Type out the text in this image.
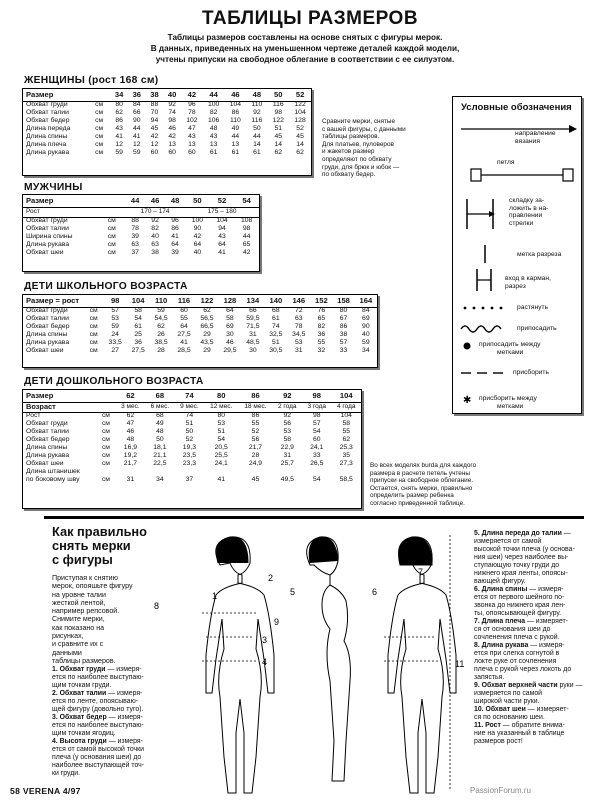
ТАБЛИЦЫ РАЗМЕРОВ
Таблицы размеров составлены на основе снятых с фигуры мерок.
В данных, приведенных на уменьшенном чертеже деталей каждой модели,
учтены припуски на свободное облегание в соответствии с ее силуэтом.
ЖЕНЩИНЫ (рост 168 см)
Размер		34	36	38	40	42	44	46	48	50	52

Обхват груди	см	80	84	88	92	96	100	104	110	116	122
Обхват талии	см	62	66	70	74	78	82	86	92	98	104
Обхват бедер	см	86	90	94	98	102	106	110	116	122	128
Длина переда	см	43	44	45	46	47	48	49	50	51	52
Длина спины	см	41	41	42	42	43	43	44	44	45	45
Длина плеча	см	12	12	12	13	13	13	13	14	14	14
Длина рукава	см	59	59	60	60	60	61	61	61	62	62
Сравните мерки, снятые
с вашей фигуры, с данными
таблицы размеров.
Для платьев, пуловеров
и жакетов размер
определяют по обхвату
груди, для брюк и юбок —
по обхвату бедер.
МУЖЧИНЫ
Размер		44	46	48	50	52	54
Рост		170 – 174			175 – 180		

Обхват груди	см	88	92	96	100	104	108
Обхват талии	см	78	82	86	90	94	98
Ширина спины	см	39	40	41	42	43	44
Длина рукава	см	63	63	64	64	64	65
Обхват шеи	см	37	38	39	40	41	42
ДЕТИ ШКОЛЬНОГО ВОЗРАСТА
Размер = рост		98	104	110	116	122	128	134	140	146	152	158	164

Обхват груди	см	57	58	59	60	62	64	66	68	72	76	80	84
Обхват талии	см	53	54	54,5	55	56,5	58	59,5	61	63	65	67	69
Обхват бедер	см	59	61	62	64	66,5	69	71,5	74	78	82	86	90
Длина спины	см	24	25	26	27,5	29	30	31	32,5	34,5	36	38	40
Длина рукава	см	33,5	36	38,5	41	43,5	46	48,5	51	53	55	57	59
Обхват шеи	см	27	27,5	28	28,5	29	29,5	30	30,5	31	32	33	34
ДЕТИ ДОШКОЛЬНОГО ВОЗРАСТА
Размер		62	68	74	80	86	92	98	104
Возраст		3 мес.	6 мес.	9 мес.	12 мес.	18 мес.	2 года	3 года	4 года

Рост	см	62	68	74	80	86	92	98	104
Обхват груди	см	47	49	51	53	55	56	57	58
Обхват талии	см	46	48	50	51	52	53	54	55
Обхват бедер	см	48	50	52	54	56	58	60	62
Длина спины	см	16,9	18,1	19,3	20,5	21,7	22,9	24,1	25,3
Длина рукава	см	19,2	21,1	23,5	25,5	28	31	33	35
Обхват шеи	см	21,7	22,5	23,3	24,1	24,9	25,7	26,5	27,3
Длина штанишек									
по боковому шву	см	31	34	37	41	45	49,5	54	58,5
Во всех моделях burda для каждого
размера в расчете петель учтены
припуски на свободное облегание.
Остается, снять мерки, правильно
определить размер ребенка
согласно приведенной таблице.
Условные обозначения
✱
направление
вязания
петля
складку за-
ложить в на-
правлении
стрелки
метка разреза
вход в карман,
разрез
растянуть
припосадить
припосадить между
метками
присборить
присборить между
метками
Как правильно
снять мерки
с фигуры
Приступая к снятию
мерок, опояшьте фигуру
на уровне талии
жесткой лентой,
например репсовой.
Снимите мерки,
как показано на рисунках,
и сравните их с данными
таблицы размеров.
1. Обхват груди — измеря-
ется по наиболее выступаю-
щим точкам груди.

2. Обхват талии — измеря-
ется по ленте, опоясываю-
щей фигуру (довольно туго).

3. Обхват бедер — измеря-
ется по наиболее выступаю-
щим точкам ягодиц.

4. Высота груди — измеря-
ется от самой высокой точки
плеча (у основания шеи) до
наиболее выступающей точ-
ки груди.

5. Длина переда до талии — измеряется от самой
высокой точки плеча (у основа-
ния шеи) через наиболее вы-
ступающую точку груди до
нижнего края ленты, опоясы-
вающей фигуру.

6. Длина спины — измеря-
ется от первого шейного по-
звонка до нижнего края лен-
ты, опоясывающей фигуру.

7. Длина плеча — измеряет-
ся от основания шеи до
сочленения плеча с рукой.

8. Длина рукава — измеря-
ется при слегка согнутой в
локте руке от сочленения
плеча с рукой через локоть до
запястья.

9. Обхват верхней части руки — измеряется по самой
широкой части руки.

10. Обхват шеи — измеряет-
ся по основанию шеи.

11. Рост — обратите внима-
ние на указанный в таблице
размеров рост!

1
2
3
4
5	6
7
8
9
10
11
58 VERENA 4/97	PassionForum.ru
